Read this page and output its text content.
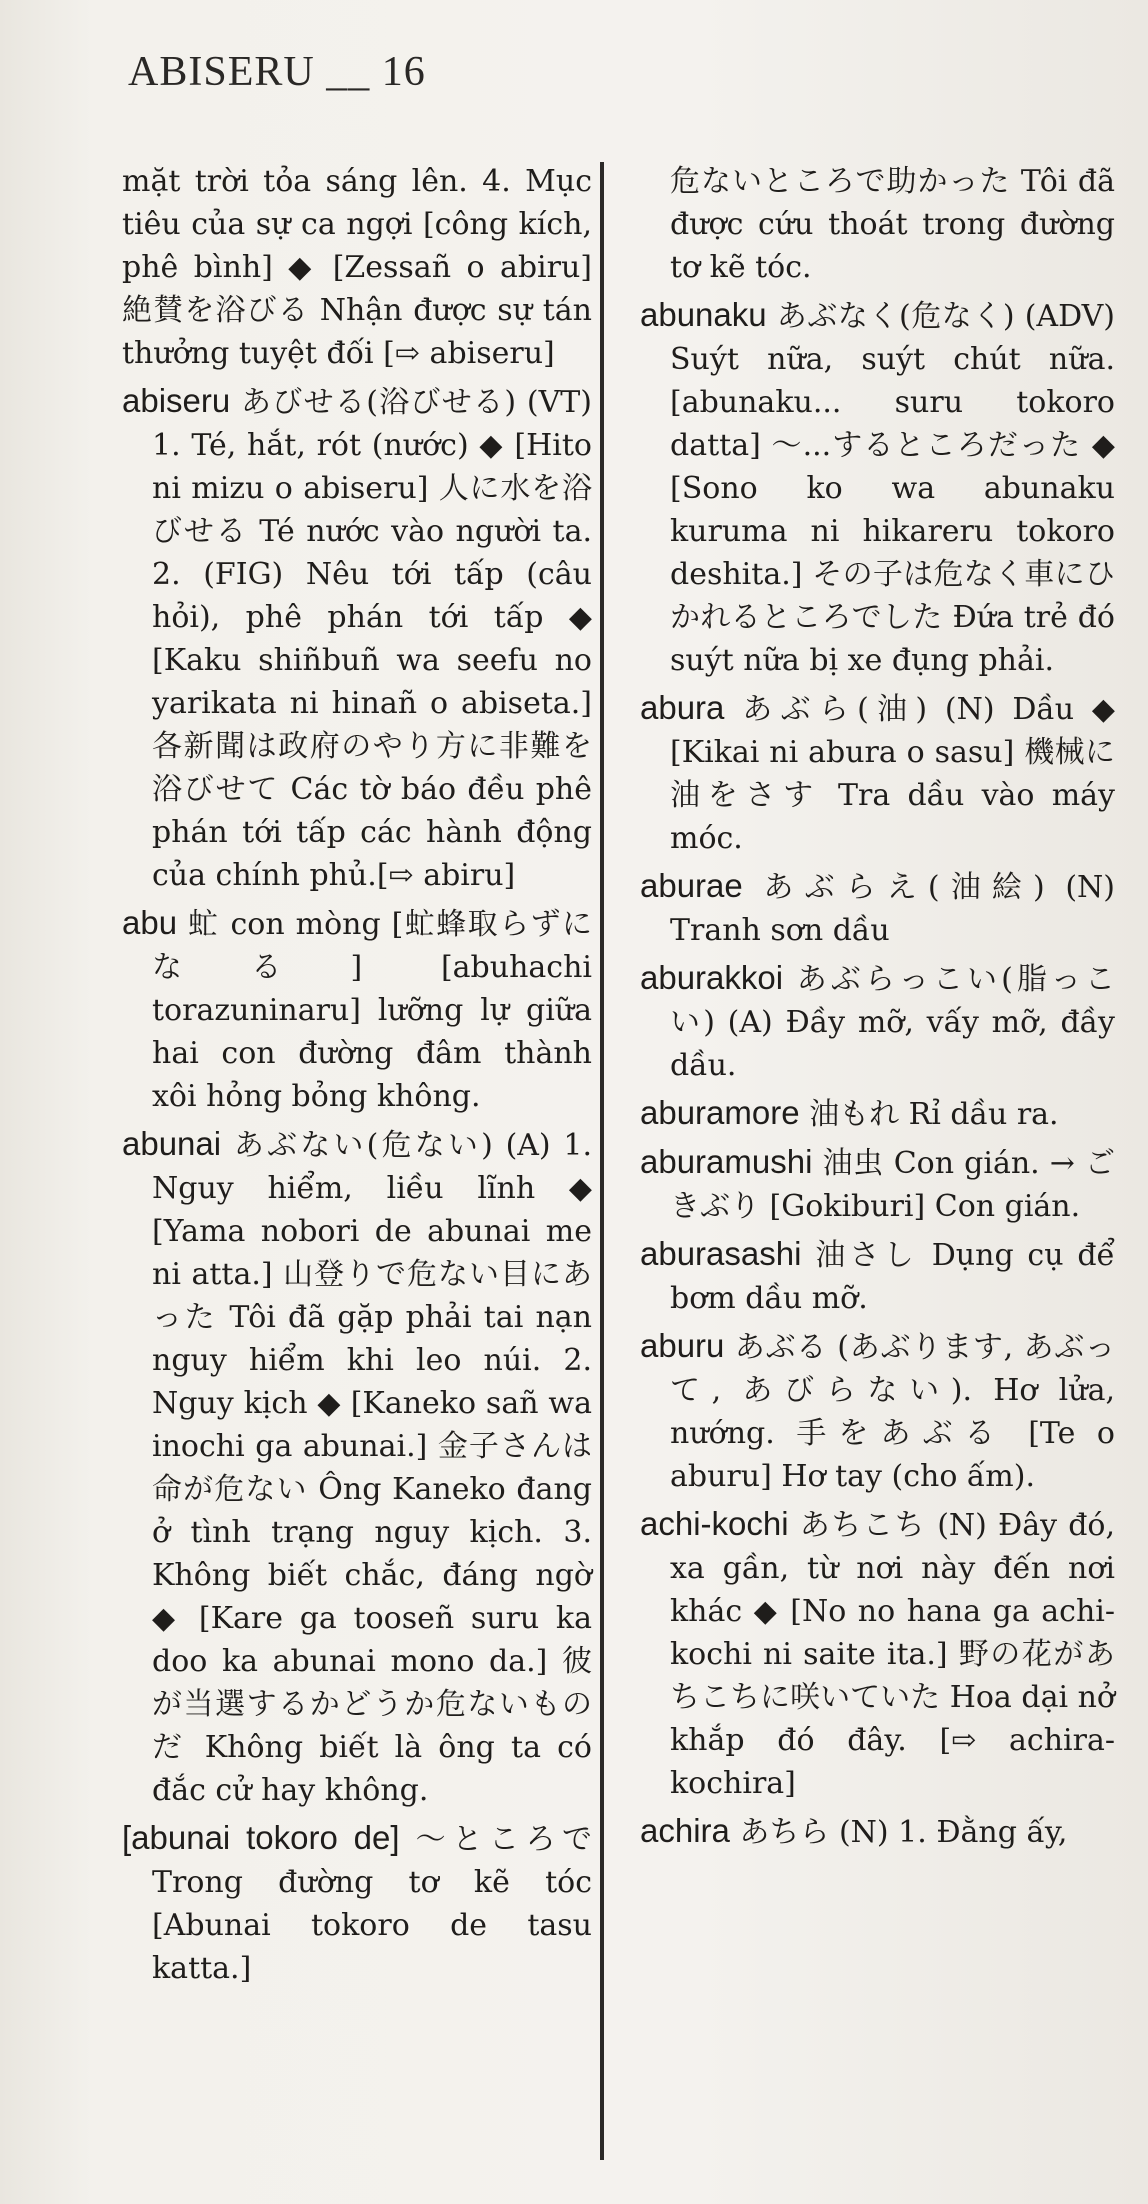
ABISERU __ 16
mặt trời tỏa sáng lên. 4. Mục tiêu của sự ca ngợi [công kích, phê bình] ◆ [Zessañ o abiru] 絶賛を浴びる Nhận được sự tán thưởng tuyệt đối [⇨ abiseru]
abiseru あびせる(浴びせる) (VT) 1. Té, hắt, rót (nước) ◆ [Hito ni mizu o abiseru] 人に水を浴びせる Té nước vào người ta. 2. (FIG) Nêu tới tấp (câu hỏi), phê phán tới tấp ◆ [Kaku shiñbuñ wa seefu no yarikata ni hinañ o abiseta.] 各新聞は政府のやり方に非難を浴びせて Các tờ báo đều phê phán tới tấp các hành động của chính phủ.[⇨ abiru]
abu 虻 con mòng [虻蜂取らずになる] [abuhachi torazuninaru] lưỡng lự giữa hai con đường đâm thành xôi hỏng bỏng không.
abunai あぶない(危ない) (A) 1. Nguy hiểm, liều lĩnh ◆ [Yama nobori de abunai me ni atta.] 山登りで危ない目にあった Tôi đã gặp phải tai nạn nguy hiểm khi leo núi. 2. Nguy kịch ◆ [Kaneko sañ wa inochi ga abunai.] 金子さんは命が危ない Ông Kaneko đang ở tình trạng nguy kịch. 3. Không biết chắc, đáng ngờ ◆ [Kare ga tooseñ suru ka doo ka abunai mono da.] 彼が当選するかどうか危ないものだ Không biết là ông ta có đắc cử hay không.
[abunai tokoro de] 〜ところで Trong đường tơ kẽ tóc [Abunai tokoro de tasu katta.]
危ないところで助かった Tôi đã được cứu thoát trong đường tơ kẽ tóc.
abunaku あぶなく(危なく) (ADV) Suýt nữa, suýt chút nữa. [abunaku... suru tokoro datta] 〜...するところだった ◆ [Sono ko wa abunaku kuruma ni hikareru tokoro deshita.] その子は危なく車にひかれるところでした Đứa trẻ đó suýt nữa bị xe đụng phải.
abura あぶら(油) (N) Dầu ◆ [Kikai ni abura o sasu] 機械に油をさす Tra dầu vào máy móc.
aburae あぶらえ(油絵) (N) Tranh sơn dầu
aburakkoi あぶらっこい(脂っこい) (A) Đầy mỡ, vấy mỡ, đầy dầu.
aburamore 油もれ Rỉ dầu ra.
aburamushi 油虫 Con gián. → ごきぶり [Gokiburi] Con gián.
aburasashi 油さし Dụng cụ để bơm dầu mỡ.
aburu あぶる (あぶります, あぶって, あびらない). Hơ lửa, nướng. 手をあぶる [Te o aburu] Hơ tay (cho ấm).
achi-kochi あちこち (N) Đây đó, xa gần, từ nơi này đến nơi khác ◆ [No no hana ga achi-kochi ni saite ita.] 野の花があちこちに咲いていた Hoa dại nở khắp đó đây. [⇨ achira-kochira]
achira あちら (N) 1. Đằng ấy,
